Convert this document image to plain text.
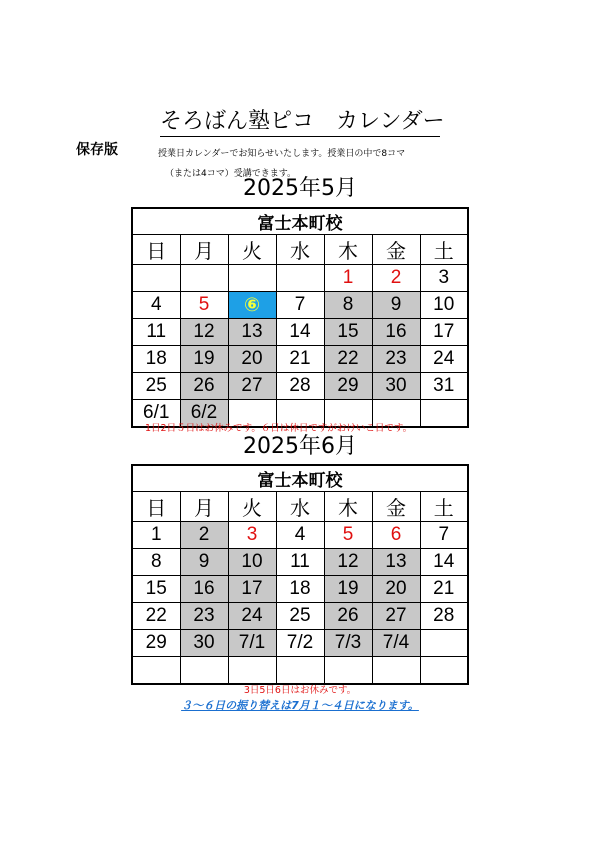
そろばん塾ピコ　カレンダー
保存版	授業日カレンダーでお知らせいたします。授業日の中で8コマ
（または4コマ）受講できます。
2025年5月
富士本町校						
日	月	火	水	木	金	土
				1	2	3
4	5	⑥	7	8	9	10
11	12	13	14	15	16	17
18	19	20	21	22	23	24
25	26	27	28	29	30	31
6/1	6/2					
1日2日５日はお休みです。６日は休日ですがおけいこ日です。
2025年6月
富士本町校						
日	月	火	水	木	金	土
1	2	3	4	5	6	7
8	9	10	11	12	13	14
15	16	17	18	19	20	21
22	23	24	25	26	27	28
29	30	7/1	7/2	7/3	7/4	

3日5日6日はお休みです。
３～６日の振り替えは7月１～４日になります。
